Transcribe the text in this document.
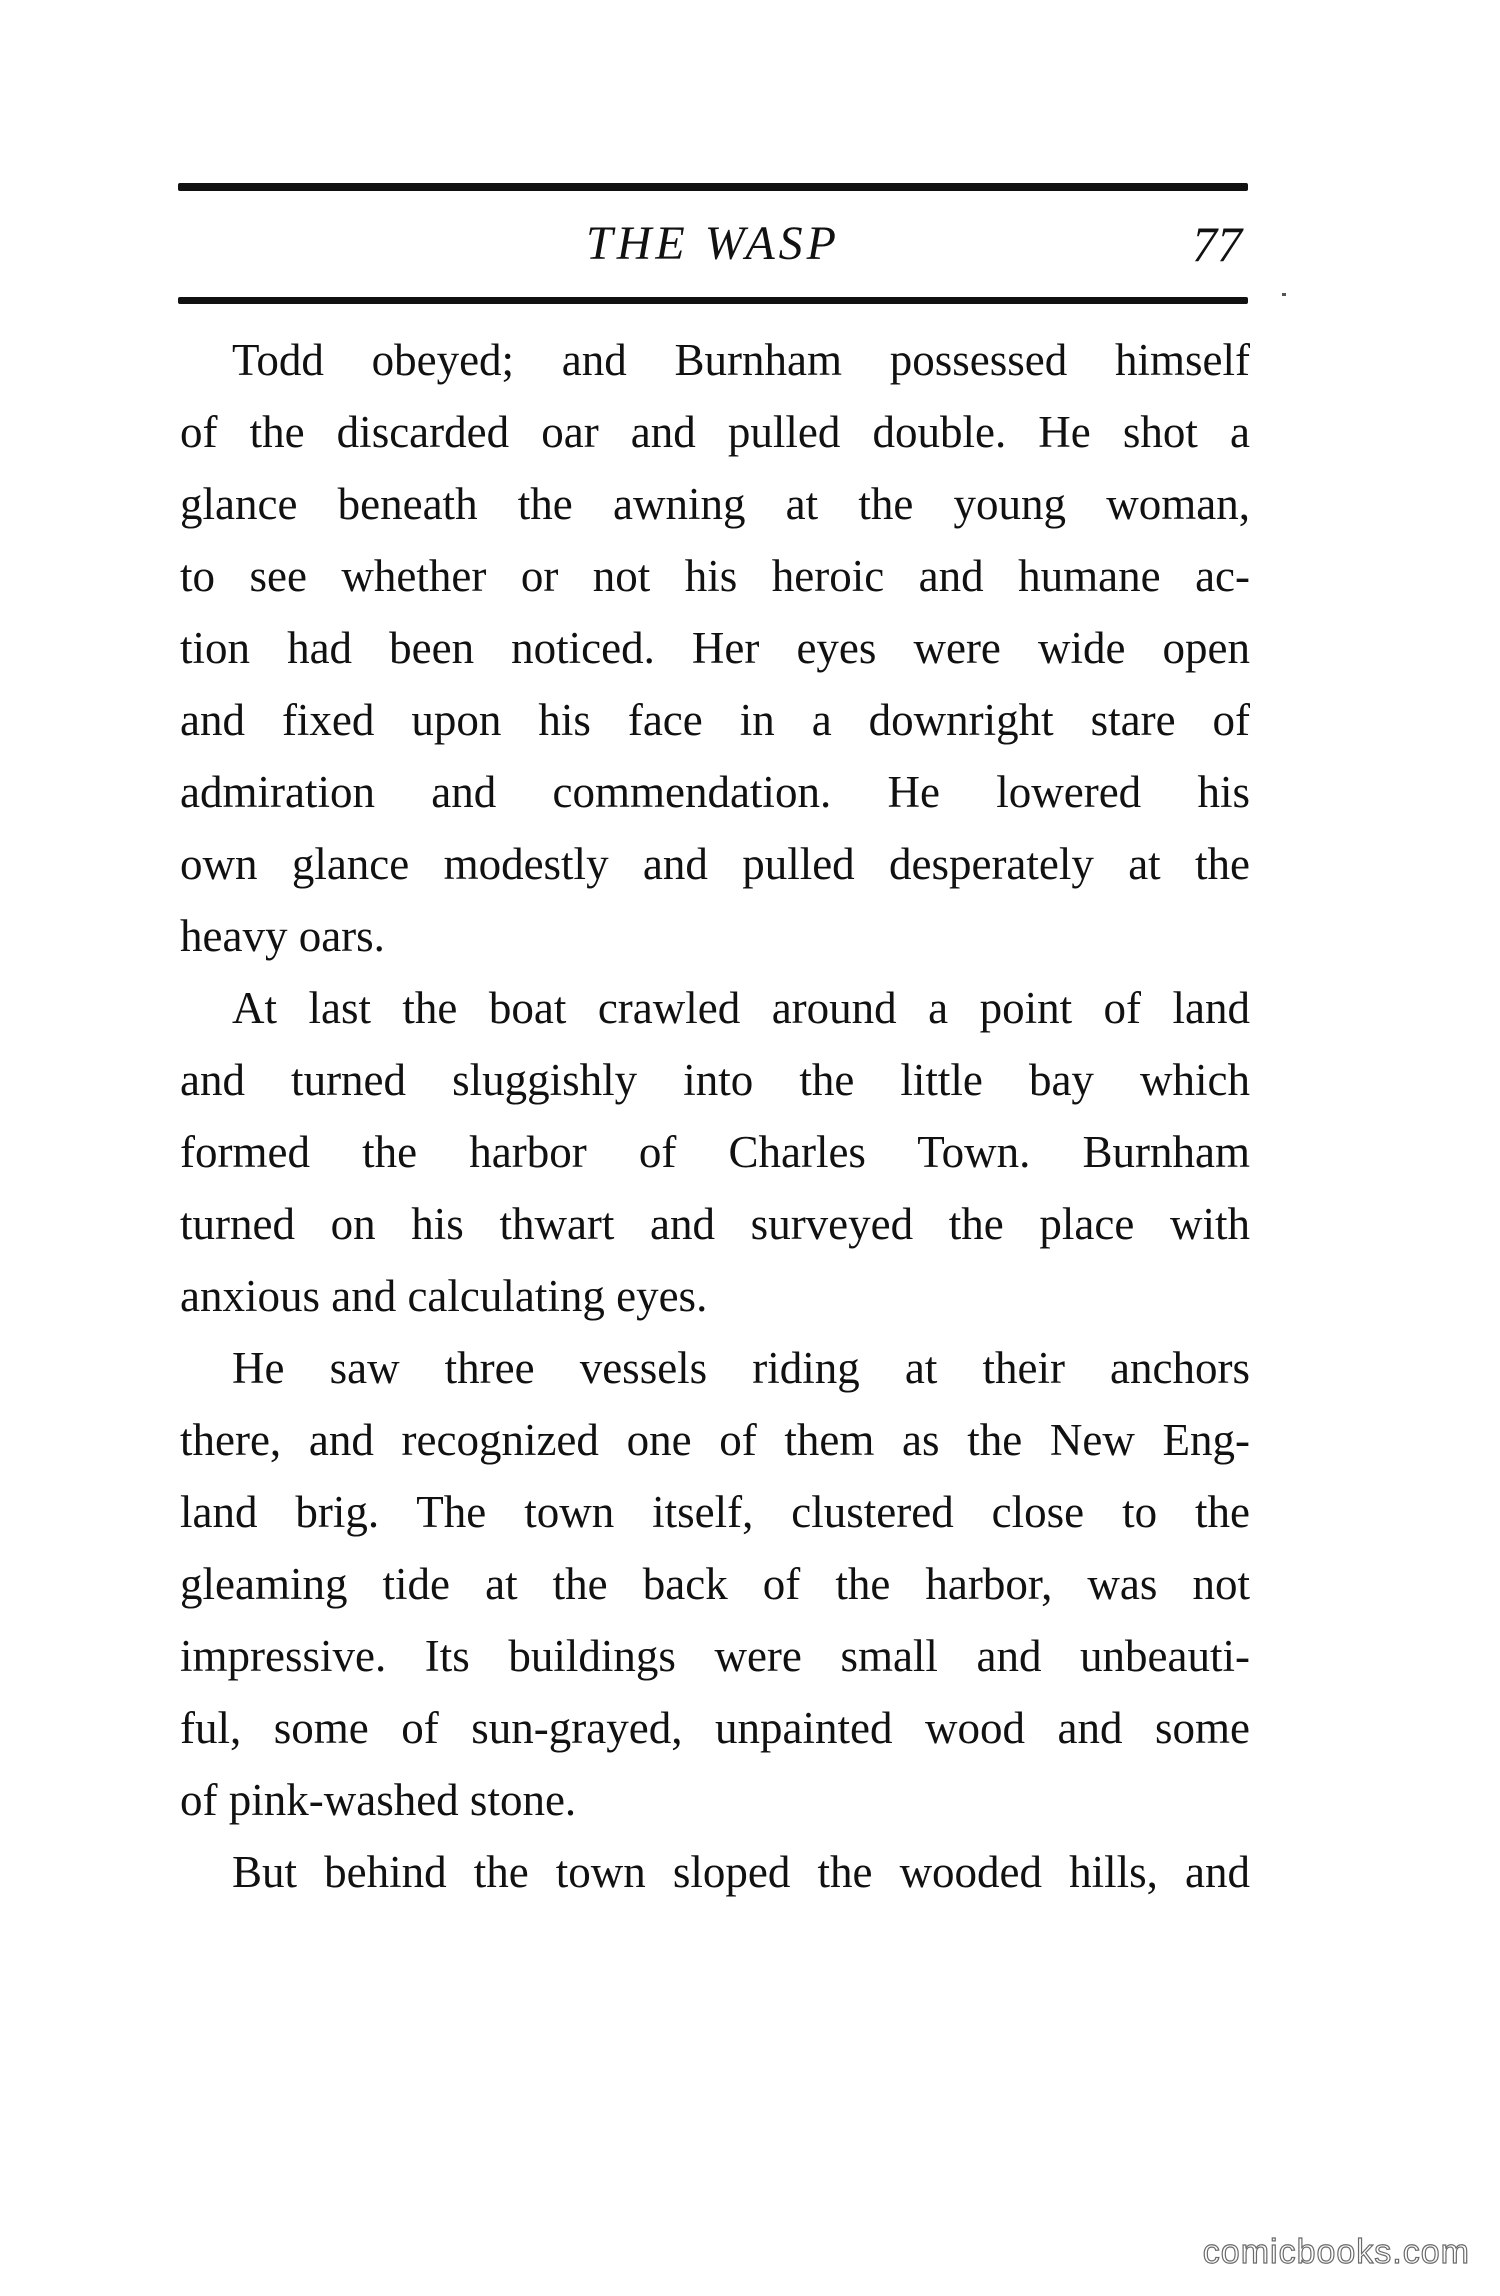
THE WASP	77
Todd obeyed; and Burnham possessed himself
of the discarded oar and pulled double. He shot a
glance beneath the awning at the young woman,
to see whether or not his heroic and humane ac-
tion had been noticed. Her eyes were wide open
and fixed upon his face in a downright stare of
admiration and commendation. He lowered his
own glance modestly and pulled desperately at the
heavy oars.
At last the boat crawled around a point of land
and turned sluggishly into the little bay which
formed the harbor of Charles Town. Burnham
turned on his thwart and surveyed the place with
anxious and calculating eyes.
He saw three vessels riding at their anchors
there, and recognized one of them as the New Eng-
land brig. The town itself, clustered close to the
gleaming tide at the back of the harbor, was not
impressive. Its buildings were small and unbeauti-
ful, some of sun-grayed, unpainted wood and some
of pink-washed stone.
But behind the town sloped the wooded hills, and
comicbooks.com
